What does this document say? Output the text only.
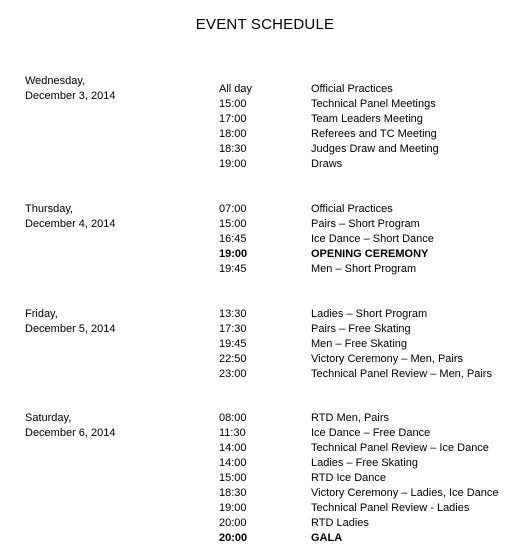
EVENT SCHEDULE
Wednesday,
December 3, 2014
All day	Official Practices
15:00	Technical Panel Meetings
17:00	Team Leaders Meeting
18:00	Referees and TC Meeting
18:30	Judges Draw and Meeting
19:00	Draws
Thursday,
December 4, 2014
07:00	Official Practices
15:00	Pairs – Short Program
16:45	Ice Dance – Short Dance
19:00	OPENING CEREMONY
19:45	Men – Short Program
Friday,
December 5, 2014
13:30	Ladies – Short Program
17:30	Pairs – Free Skating
19:45	Men – Free Skating
22:50	Victory Ceremony – Men, Pairs
23:00	Technical Panel Review – Men, Pairs
Saturday,
December 6, 2014
08:00	RTD Men, Pairs
11:30	Ice Dance – Free Dance
14:00	Technical Panel Review – Ice Dance
14:00	Ladies – Free Skating
15:00	RTD Ice Dance
18:30	Victory Ceremony – Ladies, Ice Dance
19:00	Technical Panel Review - Ladies
20:00	RTD Ladies
20:00	GALA
